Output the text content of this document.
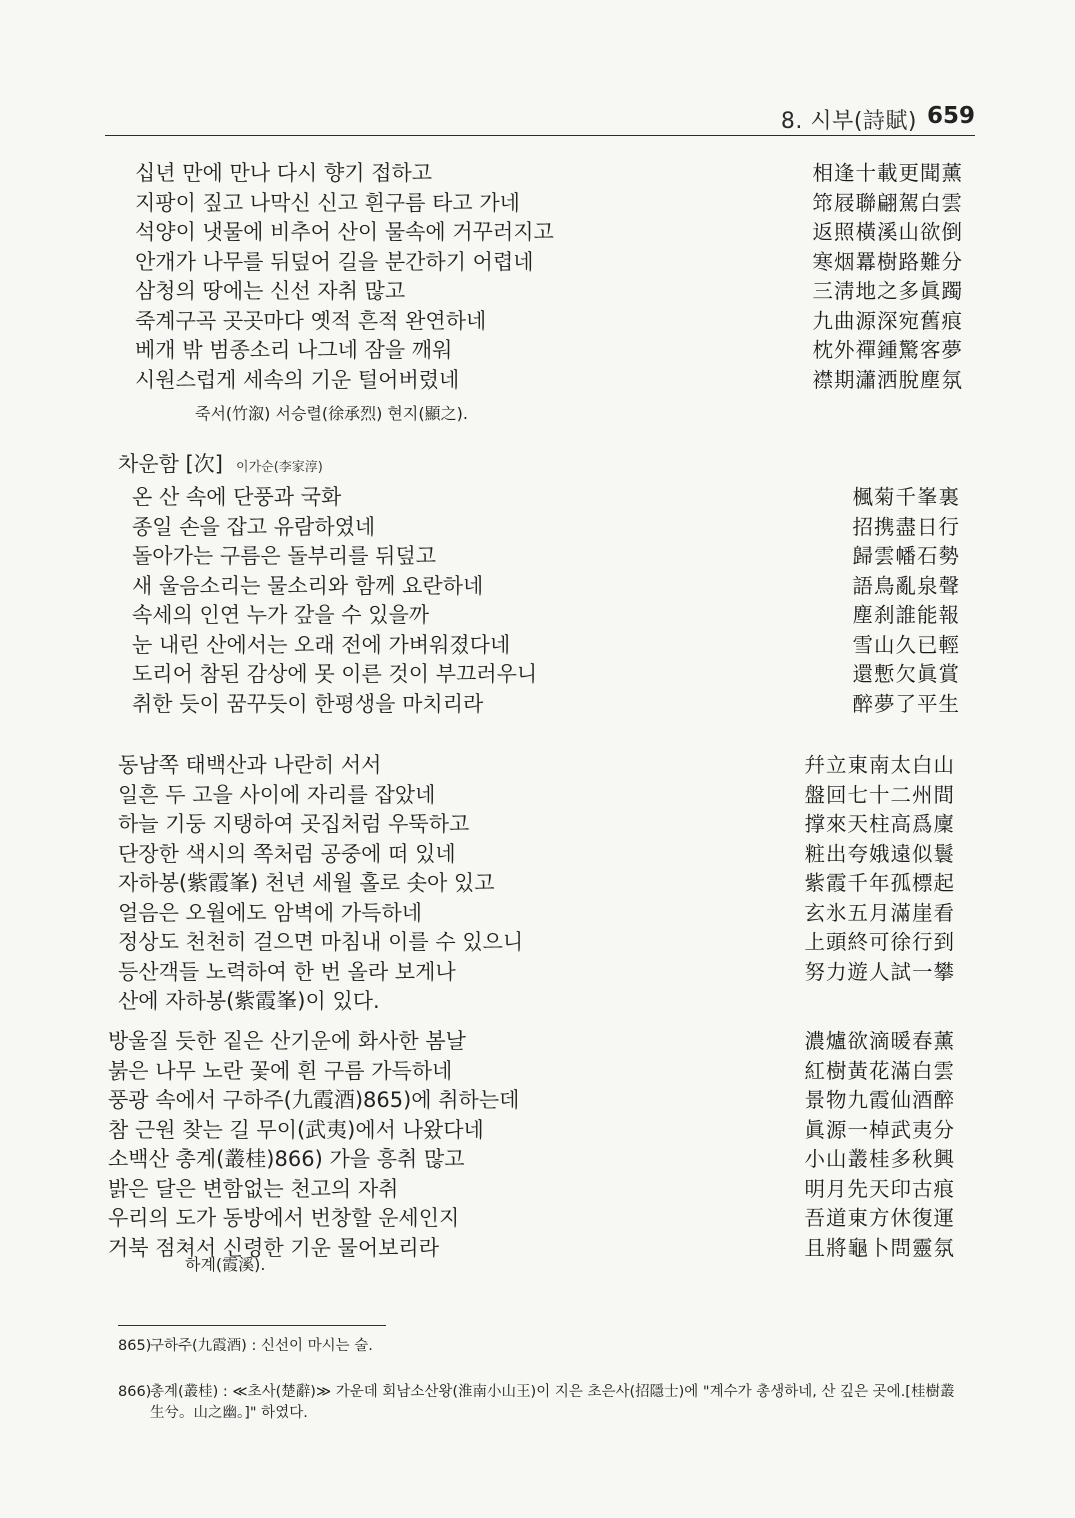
8. 시부(詩賦) 659
십년 만에 만나 다시 향기 접하고
지팡이 짚고 나막신 신고 흰구름 타고 가네
석양이 냇물에 비추어 산이 물속에 거꾸러지고
안개가 나무를 뒤덮어 길을 분간하기 어렵네
삼청의 땅에는 신선 자취 많고
죽계구곡 곳곳마다 옛적 흔적 완연하네
베개 밖 범종소리 나그네 잠을 깨워
시원스럽게 세속의 기운 털어버렸네
相逢十載更聞薰
筇屐聯翩駕白雲
返照橫溪山欲倒
寒烟羃樹路難分
三淸地之多眞躅
九曲源深宛舊痕
枕外禪鍾驚客夢
襟期瀟洒脫塵氛
죽서(竹溆) 서승렬(徐承烈) 현지(顯之).
차운함 [次] 이가순(李家淳)
온 산 속에 단풍과 국화
종일 손을 잡고 유람하였네
돌아가는 구름은 돌부리를 뒤덮고
새 울음소리는 물소리와 함께 요란하네
속세의 인연 누가 갚을 수 있을까
눈 내린 산에서는 오래 전에 가벼워졌다네
도리어 참된 감상에 못 이른 것이 부끄러우니
취한 듯이 꿈꾸듯이 한평생을 마치리라
楓菊千峯裏
招携盡日行
歸雲幡石勢
語鳥亂泉聲
塵刹誰能報
雪山久已輕
還慙欠眞賞
醉夢了平生
동남쪽 태백산과 나란히 서서
일흔 두 고을 사이에 자리를 잡았네
하늘 기둥 지탱하여 곳집처럼 우뚝하고
단장한 색시의 쪽처럼 공중에 떠 있네
자하봉(紫霞峯) 천년 세월 홀로 솟아 있고
얼음은 오월에도 암벽에 가득하네
정상도 천천히 걸으면 마침내 이를 수 있으니
등산객들 노력하여 한 번 올라 보게나
산에 자하봉(紫霞峯)이 있다.
幷立東南太白山
盤回七十二州間
撑來天柱高爲廩
粧出夸娥遠似鬟
紫霞千年孤標起
玄氷五月滿崖看
上頭終可徐行到
努力遊人試一攀
방울질 듯한 짙은 산기운에 화사한 봄날
붉은 나무 노란 꽃에 흰 구름 가득하네
풍광 속에서 구하주(九霞酒)865)에 취하는데
참 근원 찾는 길 무이(武夷)에서 나왔다네
소백산 총계(叢桂)866) 가을 흥취 많고
밝은 달은 변함없는 천고의 자취
우리의 도가 동방에서 번창할 운세인지
거북 점쳐서 신령한 기운 물어보리라
濃爐欲滴暖春薰
紅樹黃花滿白雲
景物九霞仙酒醉
眞源一棹武夷分
小山叢桂多秋興
明月先天印古痕
吾道東方休復運
且將龜卜問靈氛
하계(霞溪).
865)구하주(九霞酒) : 신선이 마시는 술.
866)총계(叢桂) : ≪초사(楚辭)≫ 가운데 회남소산왕(淮南小山王)이 지은 초은사(招隱士)에 "계수가 총생하네, 산 깊은 곳에.[桂樹叢
生兮。山之幽。]" 하였다.
